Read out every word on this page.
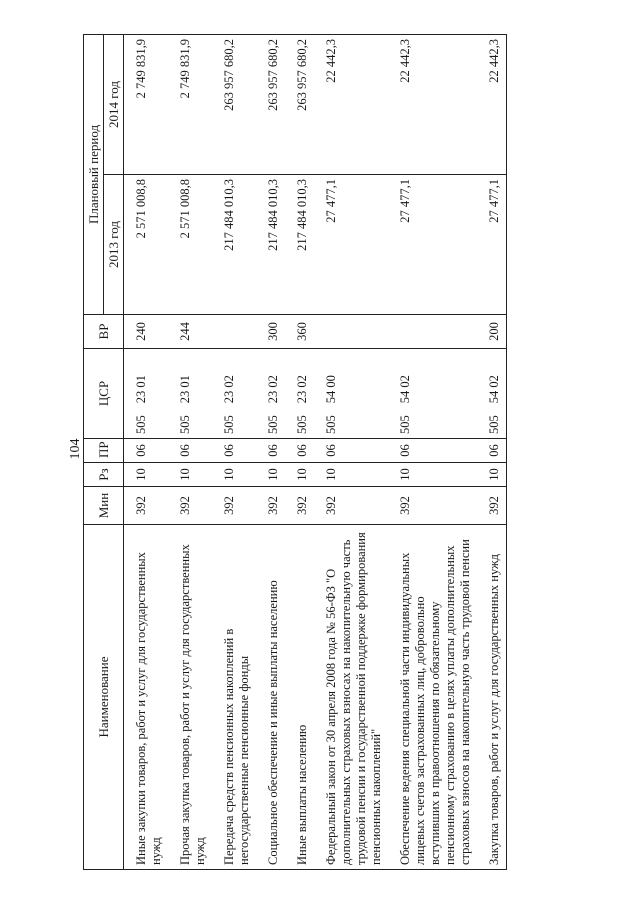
104
Наименование	Мин	Рз	ПР	ЦСР	ВР	Плановый период	
						2013 год	2014 год
Иные закупки товаров, работ и услуг для государственных нужд	392	10	06	50523 01	240	2 571 008,8	2 749 831,9
Прочая закупка товаров, работ и услуг для государственных нужд	392	10	06	50523 01	244	2 571 008,8	2 749 831,9
Передача средств пенсионных накоплений в негосударственные пенсионные фонды	392	10	06	50523 02		217 484 010,3	263 957 680,2
Социальное обеспечение и иные выплаты населению	392	10	06	50523 02	300	217 484 010,3	263 957 680,2
Иные выплаты населению	392	10	06	50523 02	360	217 484 010,3	263 957 680,2
Федеральный закон от 30 апреля 2008 года № 56-ФЗ "О дополнительных страховых взносах на накопительную часть трудовой пенсии и государственной поддержке формирования пенсионных накоплений"	392	10	06	50554 00		27 477,1	22 442,3
Обеспечение ведения специальной части индивидуальных лицевых счетов застрахованных лиц, добровольно вступивших в правоотношения по обязательному пенсионному страхованию в целях уплаты дополнительных страховых взносов на накопительную часть трудовой пенсии	392	10	06	50554 02		27 477,1	22 442,3
Закупка товаров, работ и услуг для государственных нужд	392	10	06	50554 02	200	27 477,1	22 442,3
